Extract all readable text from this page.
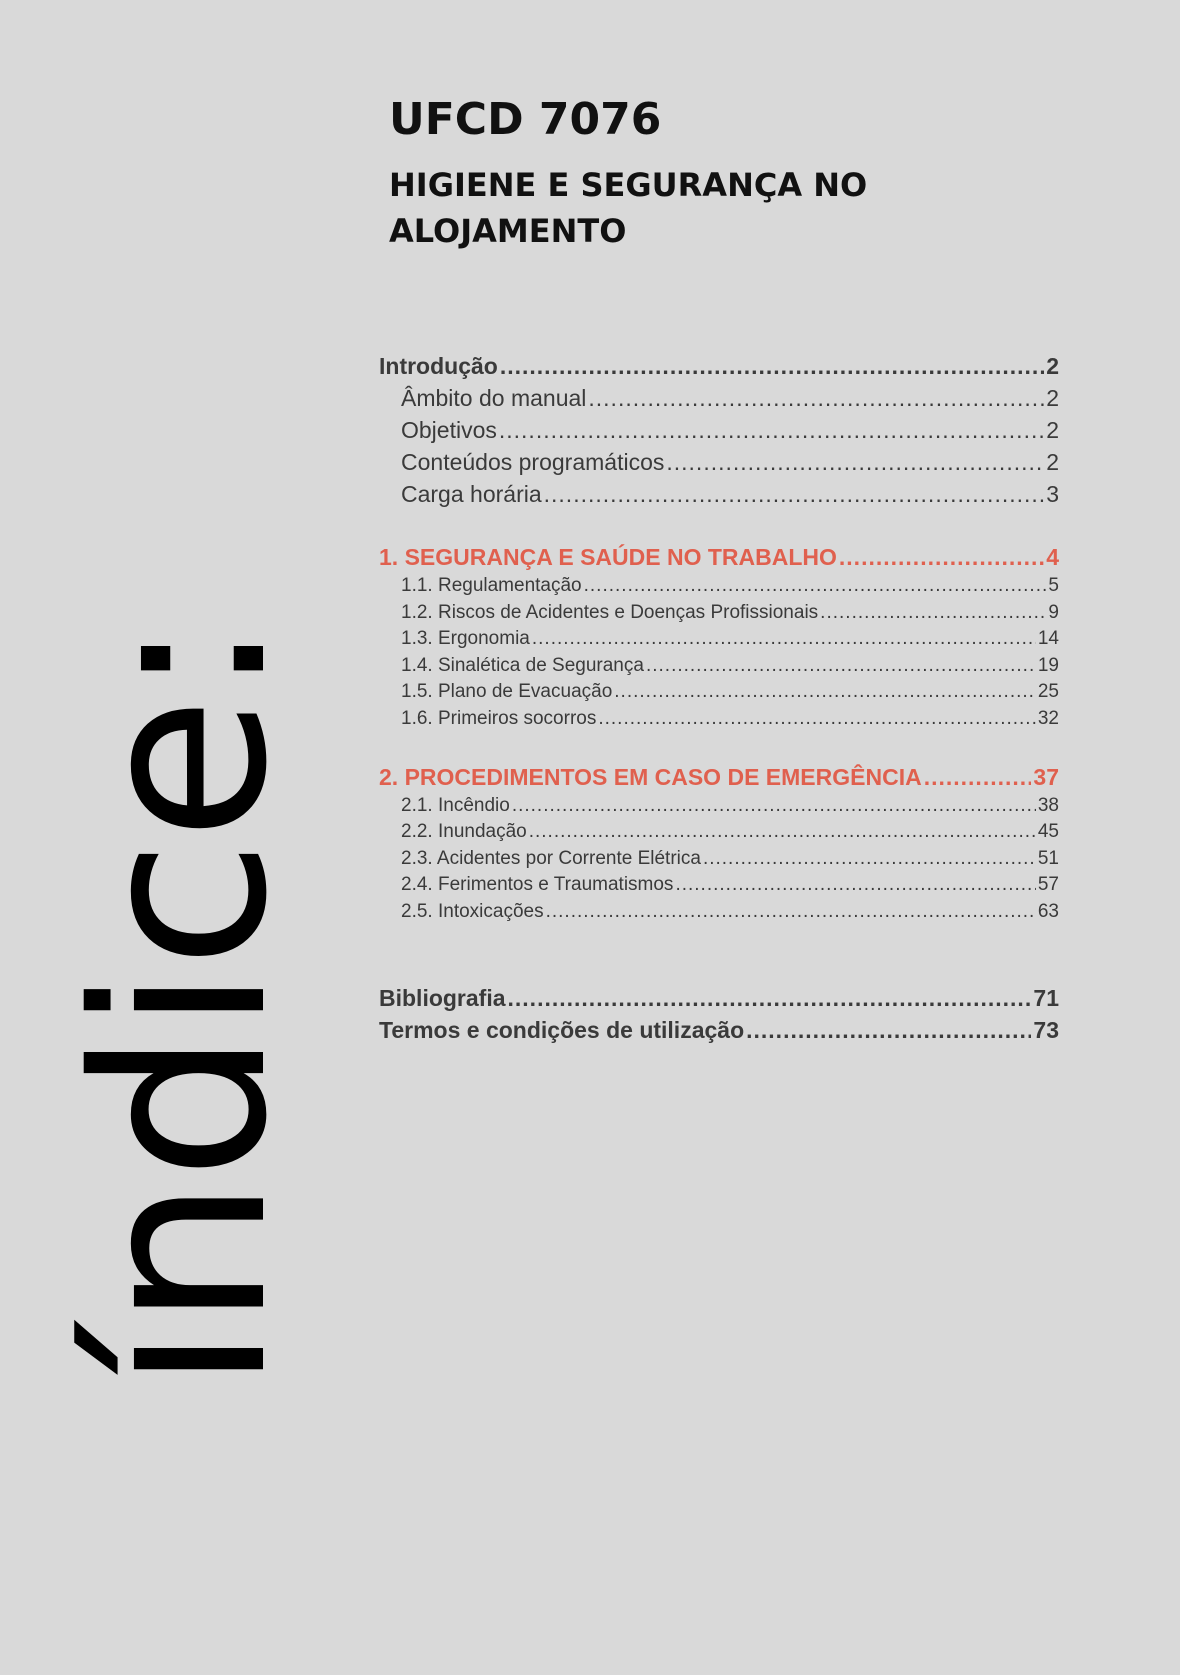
índice:
UFCD 7076
HIGIENE E SEGURANÇA NO ALOJAMENTO
Introdução .....	2
Âmbito do manual .....	2
Objetivos .....	2
Conteúdos programáticos .....	2
Carga horária .....	3
1. SEGURANÇA E SAÚDE NO TRABALHO .....	4
1.1. Regulamentação .....	5
1.2. Riscos de Acidentes e Doenças Profissionais .....	9
1.3. Ergonomia .....	14
1.4. Sinalética de Segurança .....	19
1.5. Plano de Evacuação .....	25
1.6. Primeiros socorros .....	32
2. PROCEDIMENTOS EM CASO DE EMERGÊNCIA .....	37
2.1. Incêndio .....	38
2.2. Inundação .....	45
2.3. Acidentes por Corrente Elétrica .....	51
2.4. Ferimentos e Traumatismos .....	57
2.5. Intoxicações .....	63
Bibliografia .....	71
Termos e condições de utilização .....	73
